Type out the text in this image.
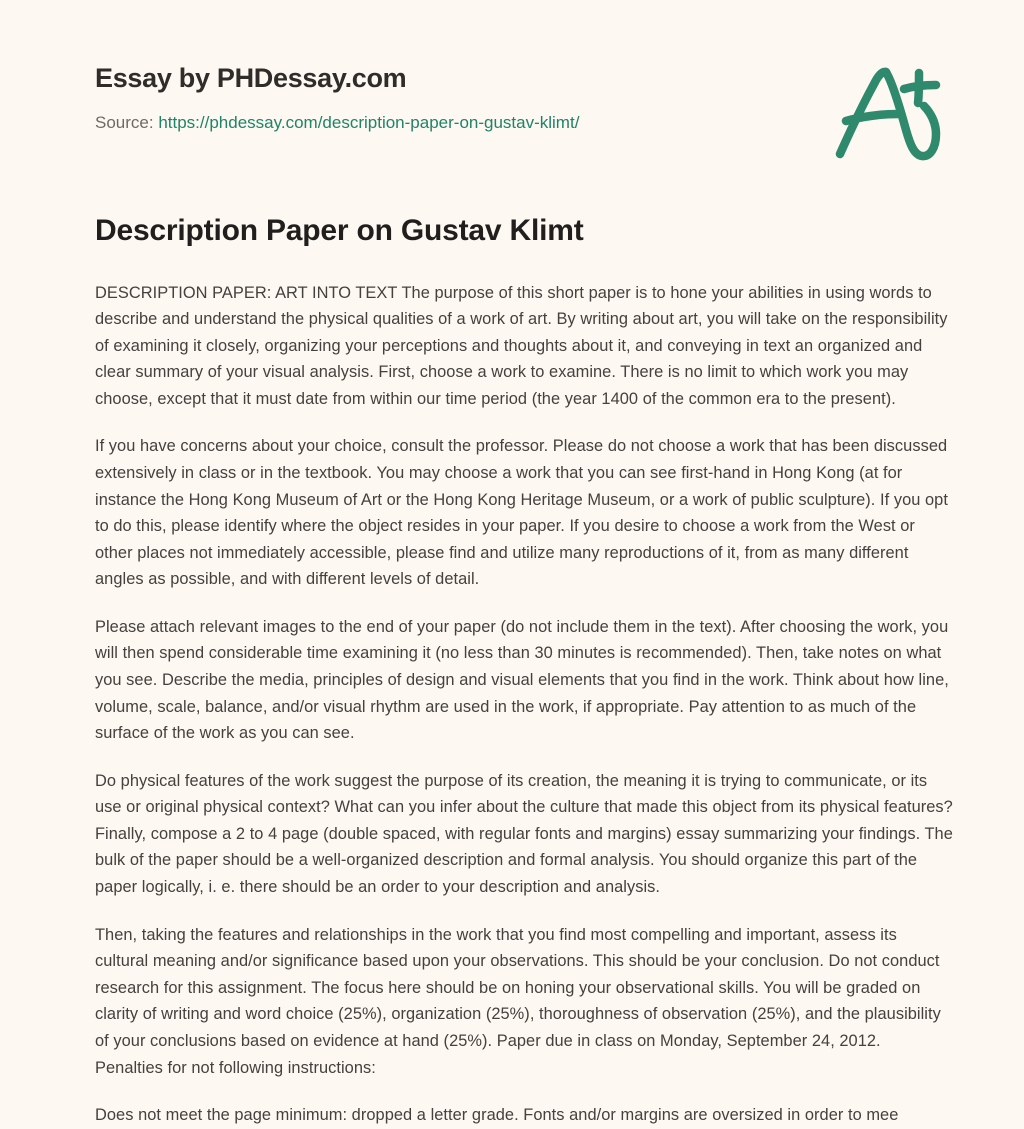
Essay by PHDessay.com
Source: https://phdessay.com/description-paper-on-gustav-klimt/
Description Paper on Gustav Klimt

DESCRIPTION PAPER: ART INTO TEXT The purpose of this short paper is to hone your abilities in using words to describe and understand the physical qualities of a work of art. By writing about art, you will take on the responsibility of examining it closely, organizing your perceptions and thoughts about it, and conveying in text an organized and clear summary of your visual analysis. First, choose a work to examine. There is no limit to which work you may choose, except that it must date from within our time period (the year 1400 of the common era to the present).

If you have concerns about your choice, consult the professor. Please do not choose a work that has been discussed extensively in class or in the textbook. You may choose a work that you can see first-hand in Hong Kong (at for instance the Hong Kong Museum of Art or the Hong Kong Heritage Museum, or a work of public sculpture). If you opt to do this, please identify where the object resides in your paper. If you desire to choose a work from the West or other places not immediately accessible, please find and utilize many reproductions of it, from as many different angles as possible, and with different levels of detail.

Please attach relevant images to the end of your paper (do not include them in the text). After choosing the work, you will then spend considerable time examining it (no less than 30 minutes is recommended). Then, take notes on what you see. Describe the media, principles of design and visual elements that you find in the work. Think about how line, volume, scale, balance, and/or visual rhythm are used in the work, if appropriate. Pay attention to as much of the surface of the work as you can see.

Do physical features of the work suggest the purpose of its creation, the meaning it is trying to communicate, or its use or original physical context? What can you infer about the culture that made this object from its physical features? Finally, compose a 2 to 4 page (double spaced, with regular fonts and margins) essay summarizing your findings. The bulk of the paper should be a well-organized description and formal analysis. You should organize this part of the paper logically, i. e. there should be an order to your description and analysis.

Then, taking the features and relationships in the work that you find most compelling and important, assess its cultural meaning and/or significance based upon your observations. This should be your conclusion. Do not conduct research for this assignment. The focus here should be on honing your observational skills. You will be graded on clarity of writing and word choice (25%), organization (25%), thoroughness of observation (25%), and the plausibility of your conclusions based on evidence at hand (25%). Paper due in class on Monday, September 24, 2012. Penalties for not following instructions:

Does not meet the page minimum: dropped a letter grade. Fonts and/or margins are oversized in order to mee
